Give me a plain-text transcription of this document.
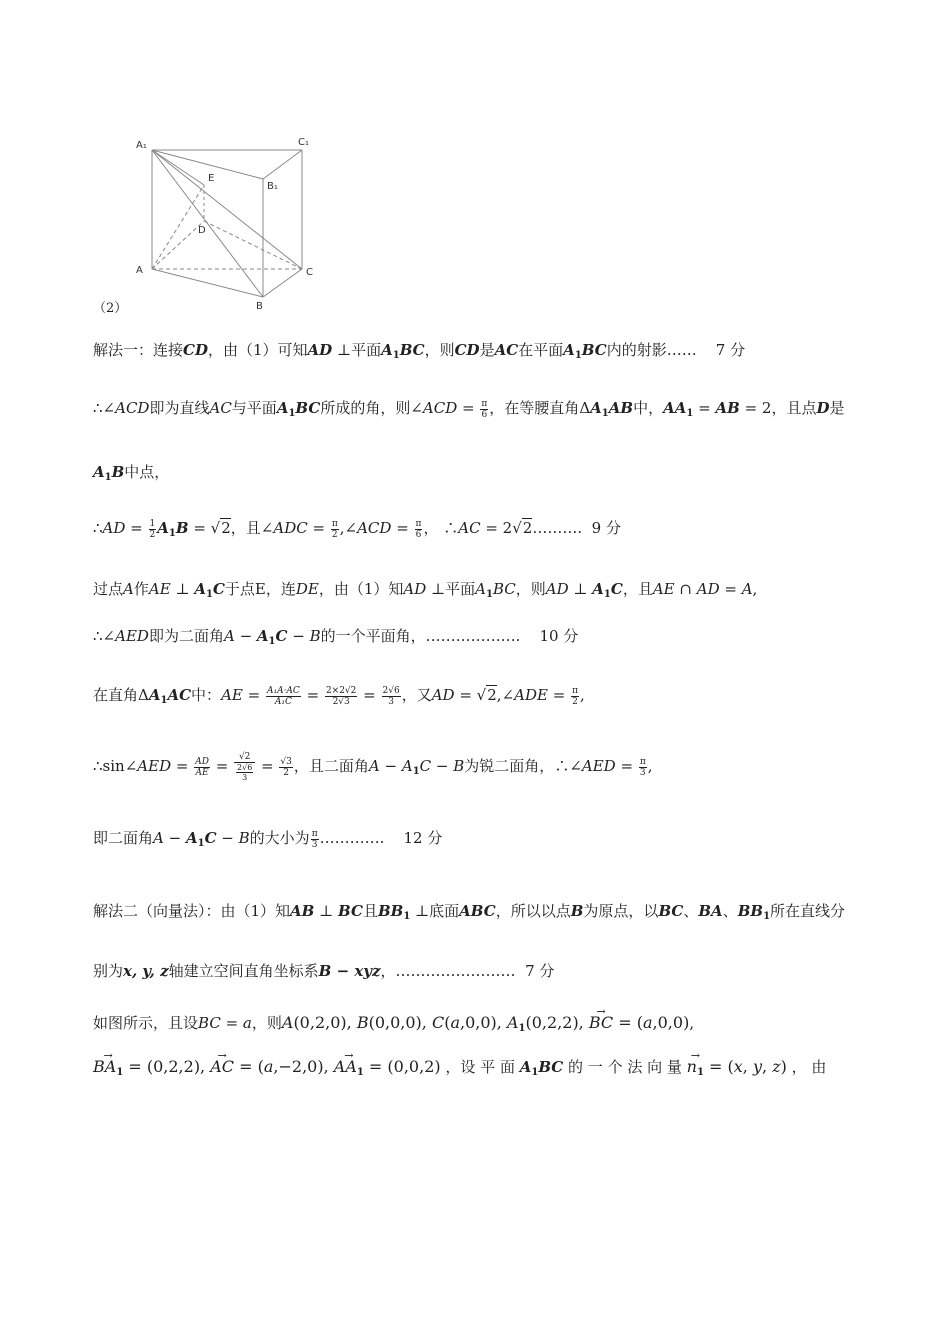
A₁	C₁
B₁
E
D
A	C
B
（2）
解法一：连接CD，由（1）可知AD ⊥平面$A_1BC$，则CD是AC在平面$A_1BC$内的射影…… 7 分
∴∠ACD即为直线AC与平面$A_1BC$所成的角，则∠ACD = $\frac{\pi}{6}$ ，在等腰直角$\Delta A_1AB$中，$AA_1$ = AB = 2，且点D是
$A_1B$中点，
∴AD = $\frac{1}{2} A_1B = √2$，且∠ADC = $\frac{\pi}{2}$ ,∠ACD = $\frac{\pi}{6}$ ， ∴AC = 2√2………. 9 分
过点A作AE ⊥ $A_1C$于点E，连DE，由（1）知AD ⊥平面$A_1BC$，则AD ⊥ $A_1C$，且AE ∩ AD = A,
∴∠AED即为二面角$A - A_1C - B$的一个平面角，………………. 10 分
在直角$\Delta A_1AC$中：AE = $\frac{\text{A₁A·AC}}{\text{A₁C}} = \frac{2\times 2√2}{2√3} = \frac{2√6}{3}$ ，又AD = √2,∠ADE = $\frac{\pi}{2}$ ,
∴sin∠AED = $\frac{AD}{AE} = \frac{√2}{\frac{2√6}{3}} = \frac{√3}{2}$ ，且二面角$A - A_1C - B$为锐二面角，∴∠AED = $\frac{\pi}{3}$ ,
即二面角$A - A_1C - B$的大小为 $\frac{\pi}{3}$ …………. 12 分
解法二（向量法）：由（1）知AB ⊥ BC且$BB_1$ ⊥底面ABC，所以以点B为原点，以BC、BA、$BB_1$所在直线分
别为x, y, z轴建立空间直角坐标系B − xyz，…………………… 7 分
如图所示，且设BC = a，则A(0,2,0), B(0,0,0), C(a,0,0), $A_1(0,2,2)$, → BC = (a,0,0),
→ $BA_1 = (0,2,2)$, → AC = (a,−2,0), → $AA_1 = (0,0,2)$ ，设 平 面 $A_1BC$ 的 一 个 法 向 量 → $n_1 = (x$, y, z) ， 由
